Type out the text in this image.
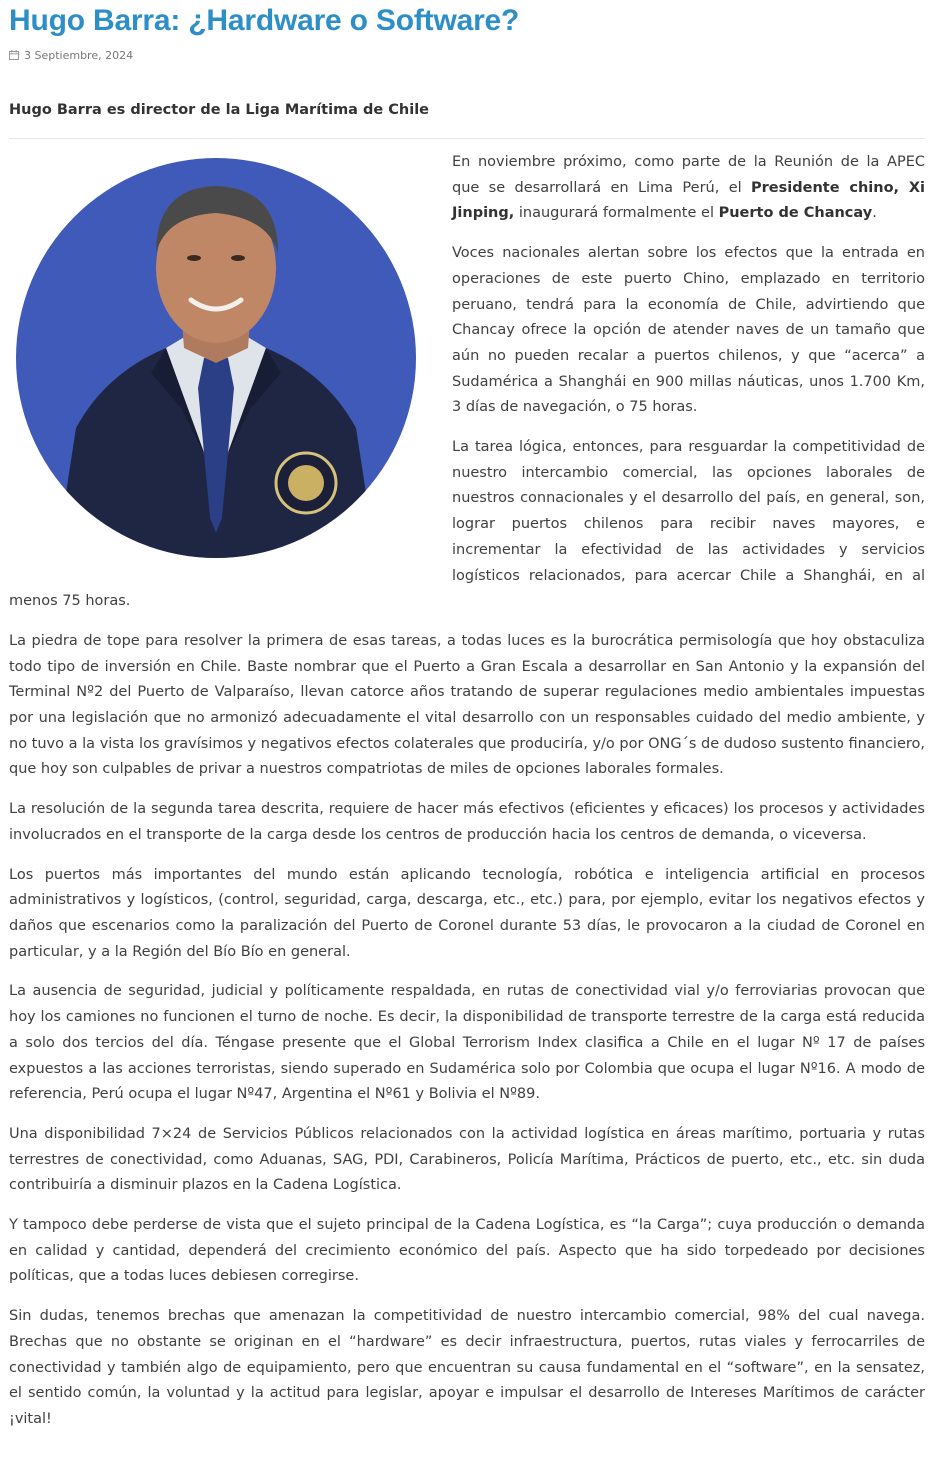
Hugo Barra: ¿Hardware o Software?
3 Septiembre, 2024
Hugo Barra es director de la Liga Marítima de Chile

En noviembre próximo, como parte de la Reunión de la APEC que se desarrollará en Lima Perú, el Presidente chino, Xi Jinping, inaugurará formalmente el Puerto de Chancay.

Voces nacionales alertan sobre los efectos que la entrada en operaciones de este puerto Chino, emplazado en territorio peruano, tendrá para la economía de Chile, advirtiendo que Chancay ofrece la opción de atender naves de un tamaño que aún no pueden recalar a puertos chilenos, y que “acerca” a Sudamérica a Shanghái en 900 millas náuticas, unos 1.700 Km, 3 días de navegación, o 75 horas.

La tarea lógica, entonces, para resguardar la competitividad de nuestro intercambio comercial, las opciones laborales de nuestros connacionales y el desarrollo del país, en general, son, lograr puertos chilenos para recibir naves mayores, e incrementar la efectividad de las actividades y servicios logísticos relacionados, para acercar Chile a Shanghái, en al menos 75 horas.

La piedra de tope para resolver la primera de esas tareas, a todas luces es la burocrática permisología que hoy obstaculiza todo tipo de inversión en Chile. Baste nombrar que el Puerto a Gran Escala a desarrollar en San Antonio y la expansión del Terminal Nº2 del Puerto de Valparaíso, llevan catorce años tratando de superar regulaciones medio ambientales impuestas por una legislación que no armonizó adecuadamente el vital desarrollo con un responsables cuidado del medio ambiente, y no tuvo a la vista los gravísimos y negativos efectos colaterales que produciría, y/o por ONG´s de dudoso sustento financiero, que hoy son culpables de privar a nuestros compatriotas de miles de opciones laborales formales.

La resolución de la segunda tarea descrita, requiere de hacer más efectivos (eficientes y eficaces) los procesos y actividades involucrados en el transporte de la carga desde los centros de producción hacia los centros de demanda, o viceversa.

Los puertos más importantes del mundo están aplicando tecnología, robótica e inteligencia artificial en procesos administrativos y logísticos, (control, seguridad, carga, descarga, etc., etc.) para, por ejemplo, evitar los negativos efectos y daños que escenarios como la paralización del Puerto de Coronel durante 53 días, le provocaron a la ciudad de Coronel en particular, y a la Región del Bío Bío en general.

La ausencia de seguridad, judicial y políticamente respaldada, en rutas de conectividad vial y/o ferroviarias provocan que hoy los camiones no funcionen el turno de noche. Es decir, la disponibilidad de transporte terrestre de la carga está reducida a solo dos tercios del día. Téngase presente que el Global Terrorism Index clasifica a Chile en el lugar Nº 17 de países expuestos a las acciones terroristas, siendo superado en Sudamérica solo por Colombia que ocupa el lugar Nº16. A modo de referencia, Perú ocupa el lugar Nº47, Argentina el Nº61 y Bolivia el Nº89.

Una disponibilidad 7×24 de Servicios Públicos relacionados con la actividad logística en áreas marítimo, portuaria y rutas terrestres de conectividad, como Aduanas, SAG, PDI, Carabineros, Policía Marítima, Prácticos de puerto, etc., etc. sin duda contribuiría a disminuir plazos en la Cadena Logística.

Y tampoco debe perderse de vista que el sujeto principal de la Cadena Logística, es “la Carga”; cuya producción o demanda en calidad y cantidad, dependerá del crecimiento económico del país. Aspecto que ha sido torpedeado por decisiones políticas, que a todas luces debiesen corregirse.

Sin dudas, tenemos brechas que amenazan la competitividad de nuestro intercambio comercial, 98% del cual navega. Brechas que no obstante se originan en el “hardware” es decir infraestructura, puertos, rutas viales y ferrocarriles de conectividad y también algo de equipamiento, pero que encuentran su causa fundamental en el “software”, en la sensatez, el sentido común, la voluntad y la actitud para legislar, apoyar e impulsar el desarrollo de Intereses Marítimos de carácter ¡vital!
